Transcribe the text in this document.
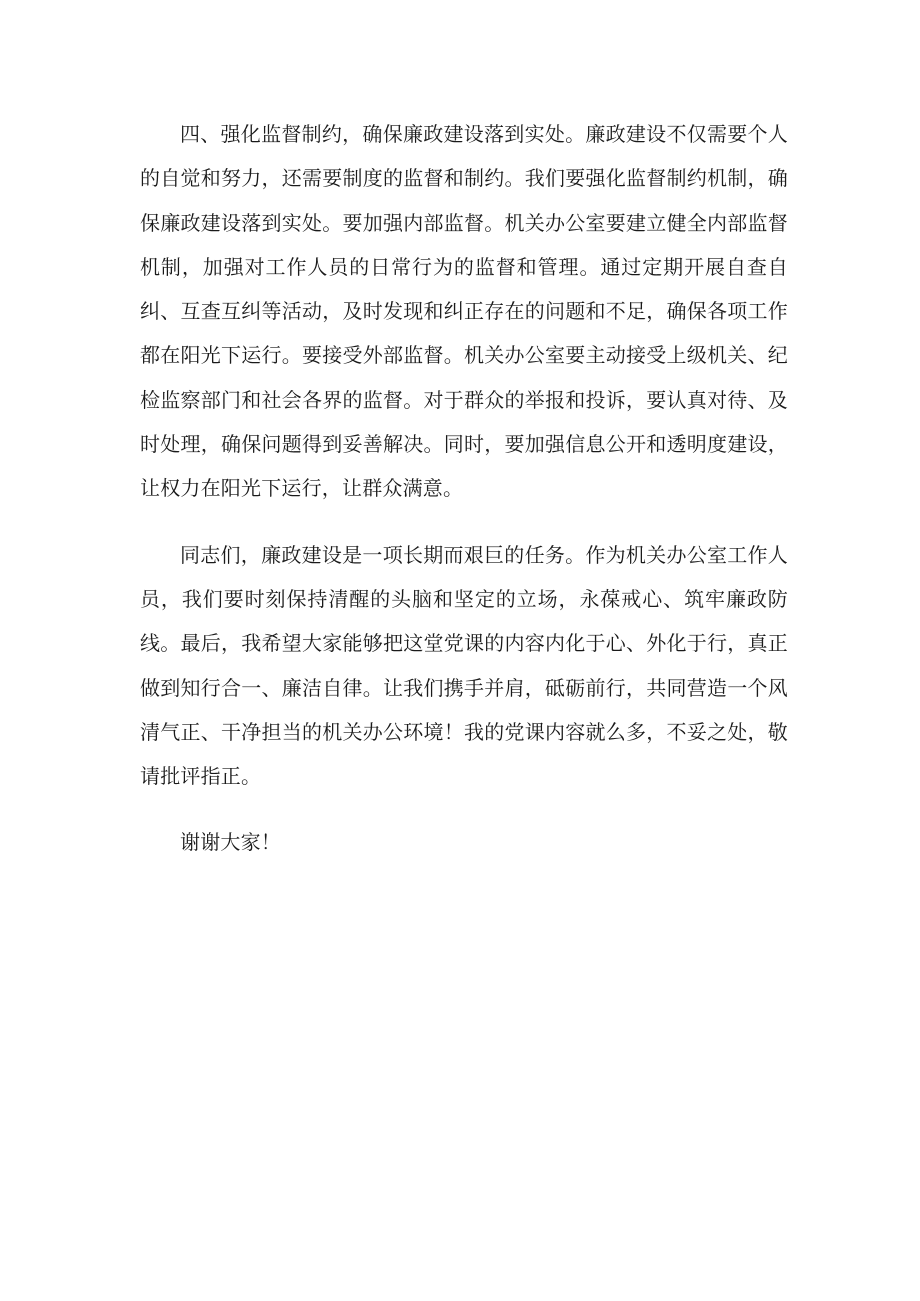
四、强化监督制约，确保廉政建设落到实处。廉政建设不仅需要个人的自觉和努力，还需要制度的监督和制约。我们要强化监督制约机制，确保廉政建设落到实处。要加强内部监督。机关办公室要建立健全内部监督机制，加强对工作人员的日常行为的监督和管理。通过定期开展自查自纠、互查互纠等活动，及时发现和纠正存在的问题和不足，确保各项工作都在阳光下运行。要接受外部监督。机关办公室要主动接受上级机关、纪检监察部门和社会各界的监督。对于群众的举报和投诉，要认真对待、及时处理，确保问题得到妥善解决。同时，要加强信息公开和透明度建设，让权力在阳光下运行，让群众满意。

同志们，廉政建设是一项长期而艰巨的任务。作为机关办公室工作人员，我们要时刻保持清醒的头脑和坚定的立场，永葆戒心、筑牢廉政防线。最后，我希望大家能够把这堂党课的内容内化于心、外化于行，真正做到知行合一、廉洁自律。让我们携手并肩，砥砺前行，共同营造一个风清气正、干净担当的机关办公环境！我的党课内容就么多，不妥之处，敬请批评指正。

谢谢大家！
